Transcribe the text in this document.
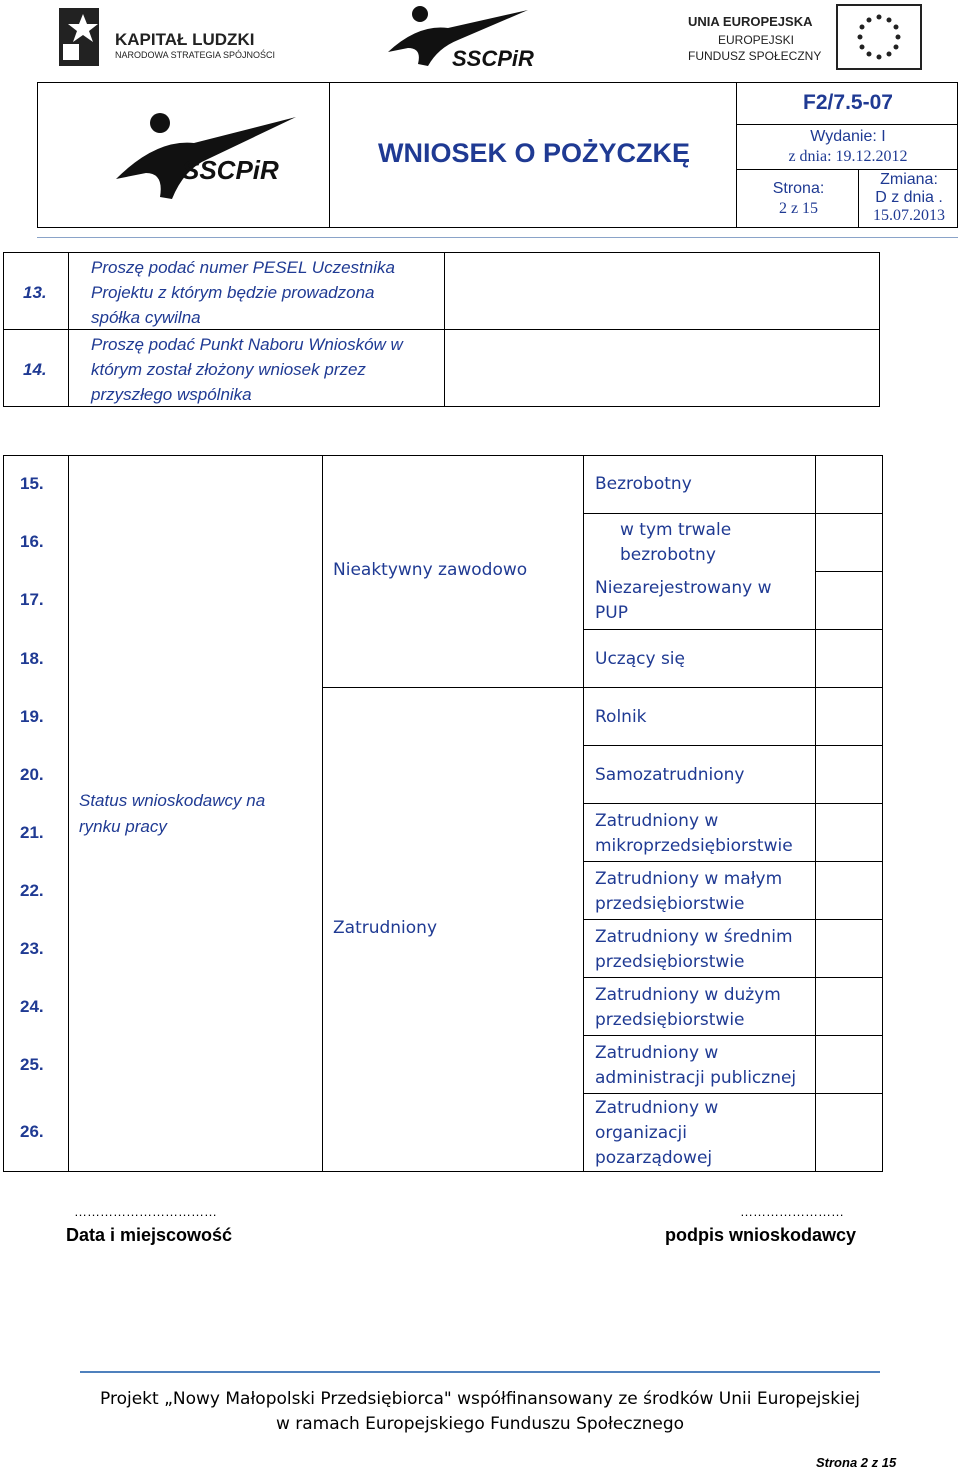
KAPITAŁ LUDZKI
NARODOWA STRATEGIA SPÓJNOŚCI	SSCPiR
UNIA EUROPEJSKA
EUROPEJSKI
FUNDUSZ SPOŁECZNY
SSCPiR
WNIOSEK O POŻYCZKĘ
F2/7.5-07
Wydanie: I
z dnia: 19.12.2012
Strona:
2 z 15
Zmiana:
D z dnia .
15.07.2013
13.
Proszę podać numer PESEL Uczestnika Projektu z którym będzie prowadzona spółka cywilna
14.
Proszę podać Punkt Naboru Wniosków w którym został złożony wniosek przez przyszłego wspólnika
15.
16.
17.
18.
19.
20.
21.
22.
23.
24.
25.
26.
Status wnioskodawcy na rynku pracy
Nieaktywny zawodowo
Zatrudniony
Bezrobotny
w tym trwale bezrobotny
Niezarejestrowany w PUP
Uczący się
Rolnik
Samozatrudniony
Zatrudniony w mikroprzedsiębiorstwie
Zatrudniony w małym przedsiębiorstwie
Zatrudniony w średnim przedsiębiorstwie
Zatrudniony w dużym przedsiębiorstwie
Zatrudniony w administracji publicznej
Zatrudniony w organizacji pozarządowej
……………………………
Data i miejscowość
……………………
podpis wnioskodawcy
Projekt „Nowy Małopolski Przedsiębiorca" współfinansowany ze środków Unii Europejskiej
w ramach Europejskiego Funduszu Społecznego
Strona 2 z 15
